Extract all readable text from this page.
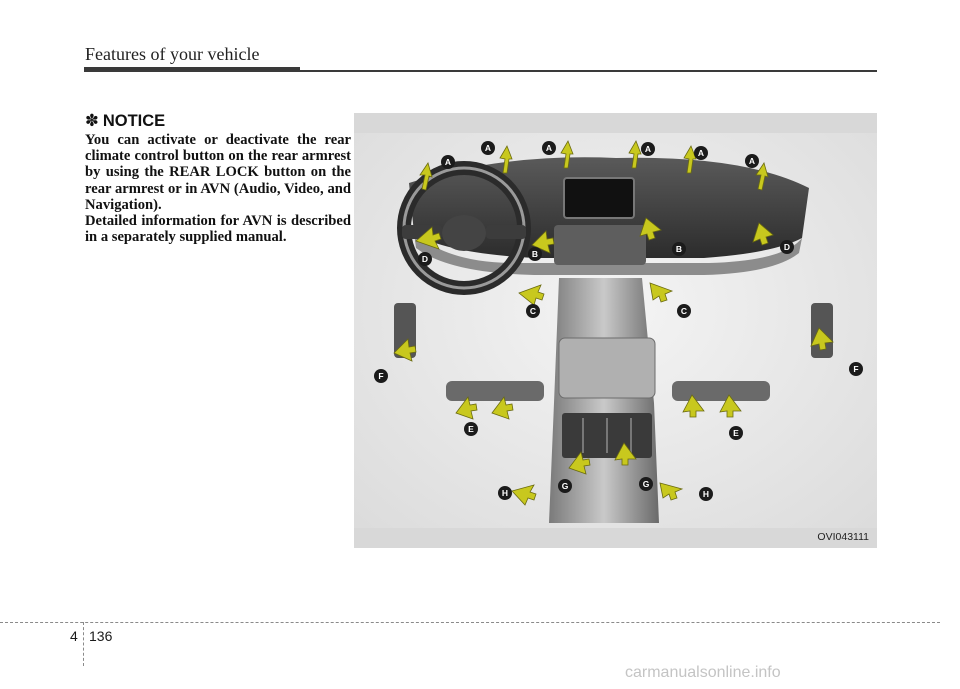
Features of your vehicle
✽ NOTICE

You can activate or deactivate the rear climate control button on the rear armrest by using the REAR LOCK button on the rear armrest or in AVN (Audio, Video, and Navigation).

Detailed information for AVN is described in a separately supplied manual.

A
A	A	A	A
A
B	B
C	C
D
D
E	E
F
F
G	G
H	H
OVI043111
4 136
carmanualsonline.info
